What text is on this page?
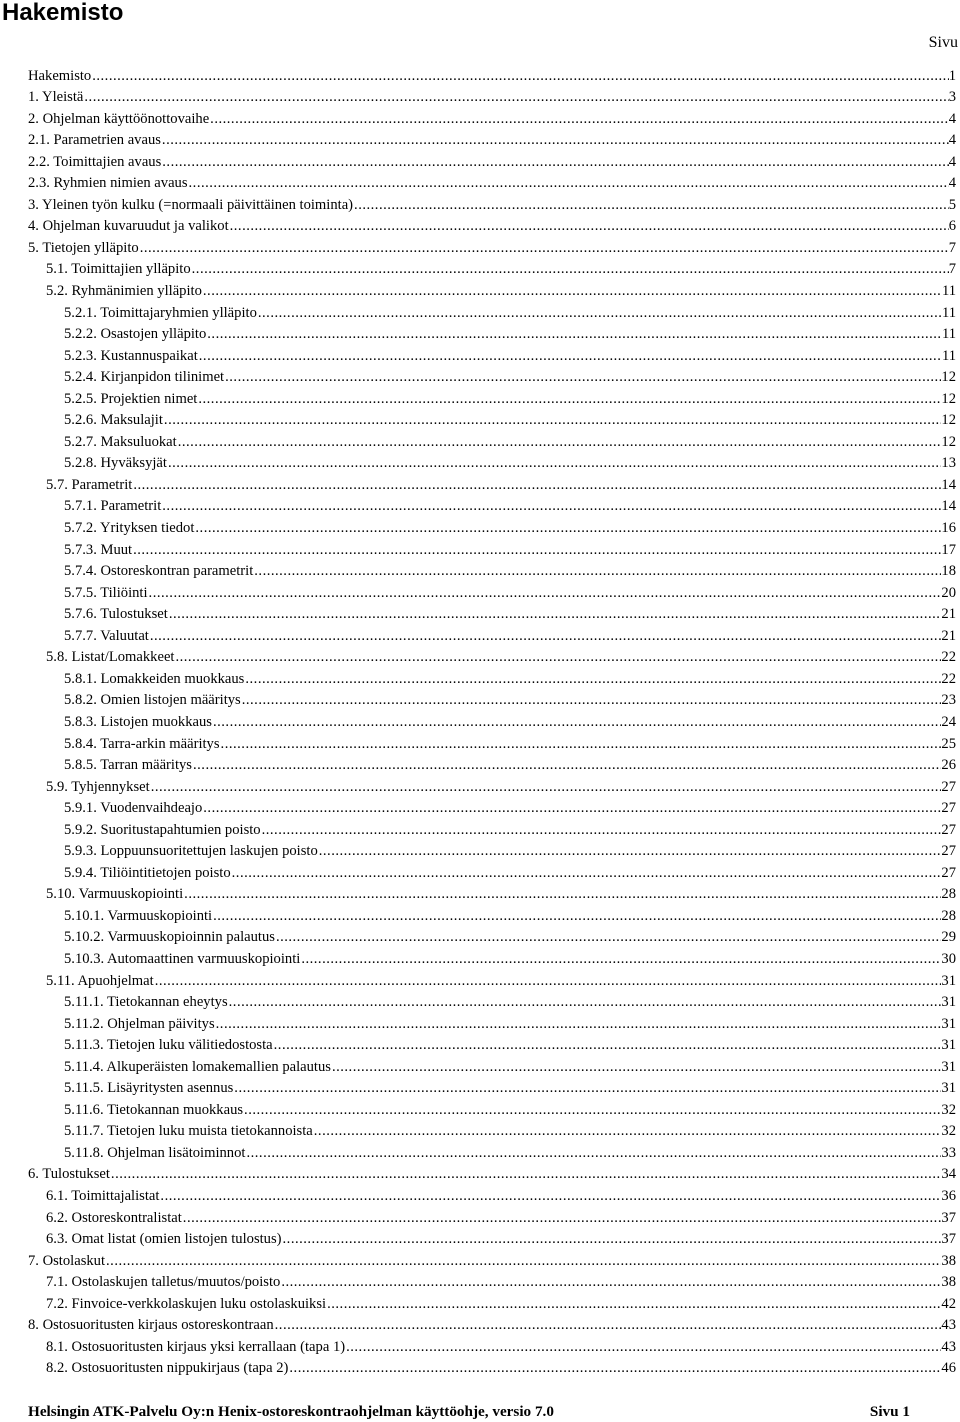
Hakemisto
Sivu
Hakemisto .....	1
1. Yleistä .....	3
2. Ohjelman käyttöönottovaihe .....	4
2.1. Parametrien avaus .....	4
2.2. Toimittajien avaus .....	4
2.3. Ryhmien nimien avaus .....	4
3. Yleinen työn kulku (=normaali päivittäinen toiminta) .....	5
4. Ohjelman kuvaruudut ja valikot .....	6
5. Tietojen ylläpito .....	7
5.1. Toimittajien ylläpito .....	7
5.2. Ryhmänimien ylläpito .....	11
5.2.1. Toimittajaryhmien ylläpito .....	11
5.2.2. Osastojen ylläpito .....	11
5.2.3. Kustannuspaikat .....	11
5.2.4. Kirjanpidon tilinimet .....	12
5.2.5. Projektien nimet .....	12
5.2.6. Maksulajit .....	12
5.2.7. Maksuluokat .....	12
5.2.8. Hyväksyjät .....	13
5.7. Parametrit .....	14
5.7.1. Parametrit .....	14
5.7.2. Yrityksen tiedot .....	16
5.7.3. Muut .....	17
5.7.4. Ostoreskontran parametrit .....	18
5.7.5. Tiliöinti .....	20
5.7.6. Tulostukset .....	21
5.7.7. Valuutat .....	21
5.8. Listat/Lomakkeet .....	22
5.8.1. Lomakkeiden muokkaus .....	22
5.8.2. Omien listojen määritys .....	23
5.8.3. Listojen muokkaus .....	24
5.8.4. Tarra-arkin määritys .....	25
5.8.5. Tarran määritys .....	26
5.9. Tyhjennykset .....	27
5.9.1. Vuodenvaihdeajo .....	27
5.9.2. Suoritustapahtumien poisto .....	27
5.9.3. Loppuunsuoritettujen laskujen poisto .....	27
5.9.4. Tiliöintitietojen poisto .....	27
5.10. Varmuuskopiointi .....	28
5.10.1. Varmuuskopiointi .....	28
5.10.2. Varmuuskopioinnin palautus .....	29
5.10.3. Automaattinen varmuuskopiointi .....	30
5.11. Apuohjelmat .....	31
5.11.1. Tietokannan eheytys .....	31
5.11.2. Ohjelman päivitys .....	31
5.11.3. Tietojen luku välitiedostosta .....	31
5.11.4. Alkuperäisten lomakemallien palautus .....	31
5.11.5. Lisäyritysten asennus .....	31
5.11.6. Tietokannan muokkaus .....	32
5.11.7. Tietojen luku muista tietokannoista .....	32
5.11.8. Ohjelman lisätoiminnot .....	33
6. Tulostukset .....	34
6.1. Toimittajalistat .....	36
6.2. Ostoreskontralistat .....	37
6.3. Omat listat (omien listojen tulostus) .....	37
7. Ostolaskut .....	38
7.1. Ostolaskujen talletus/muutos/poisto .....	38
7.2. Finvoice-verkkolaskujen luku ostolaskuiksi .....	42
8. Ostosuoritusten kirjaus ostoreskontraan .....	43
8.1. Ostosuoritusten kirjaus yksi kerrallaan (tapa 1) .....	43
8.2. Ostosuoritusten nippukirjaus (tapa 2) .....	46
Helsingin ATK-Palvelu Oy:n Henix-ostoreskontraohjelman käyttöohje, versio 7.0	Sivu 1
